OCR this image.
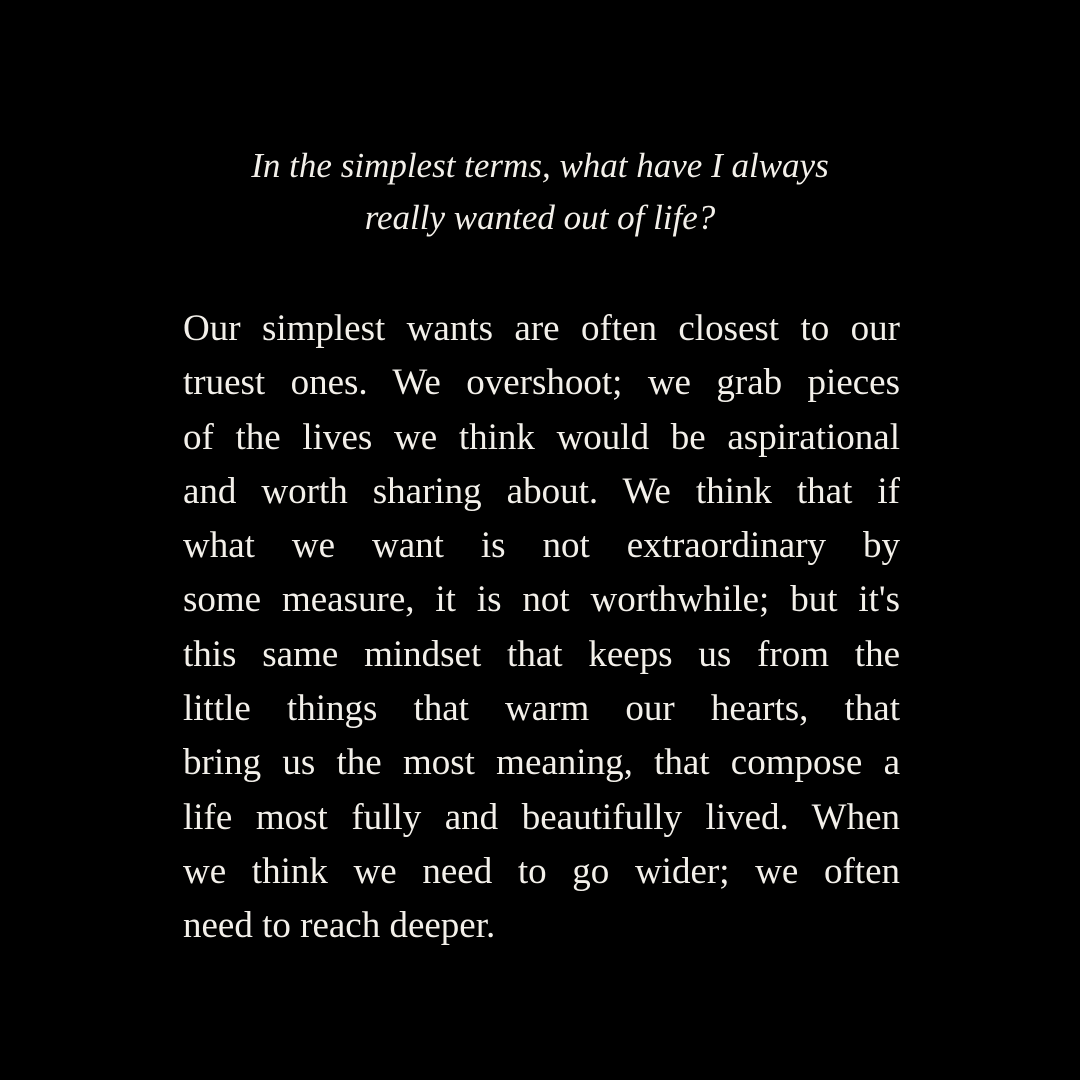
In the simplest terms, what have I always
really wanted out of life?

Our simplest wants are often closest to our
truest ones. We overshoot; we grab pieces
of the lives we think would be aspirational
and worth sharing about. We think that if
what we want is not extraordinary by
some measure, it is not worthwhile; but it's
this same mindset that keeps us from the
little things that warm our hearts, that
bring us the most meaning, that compose a
life most fully and beautifully lived. When
we think we need to go wider; we often
need to reach deeper.
